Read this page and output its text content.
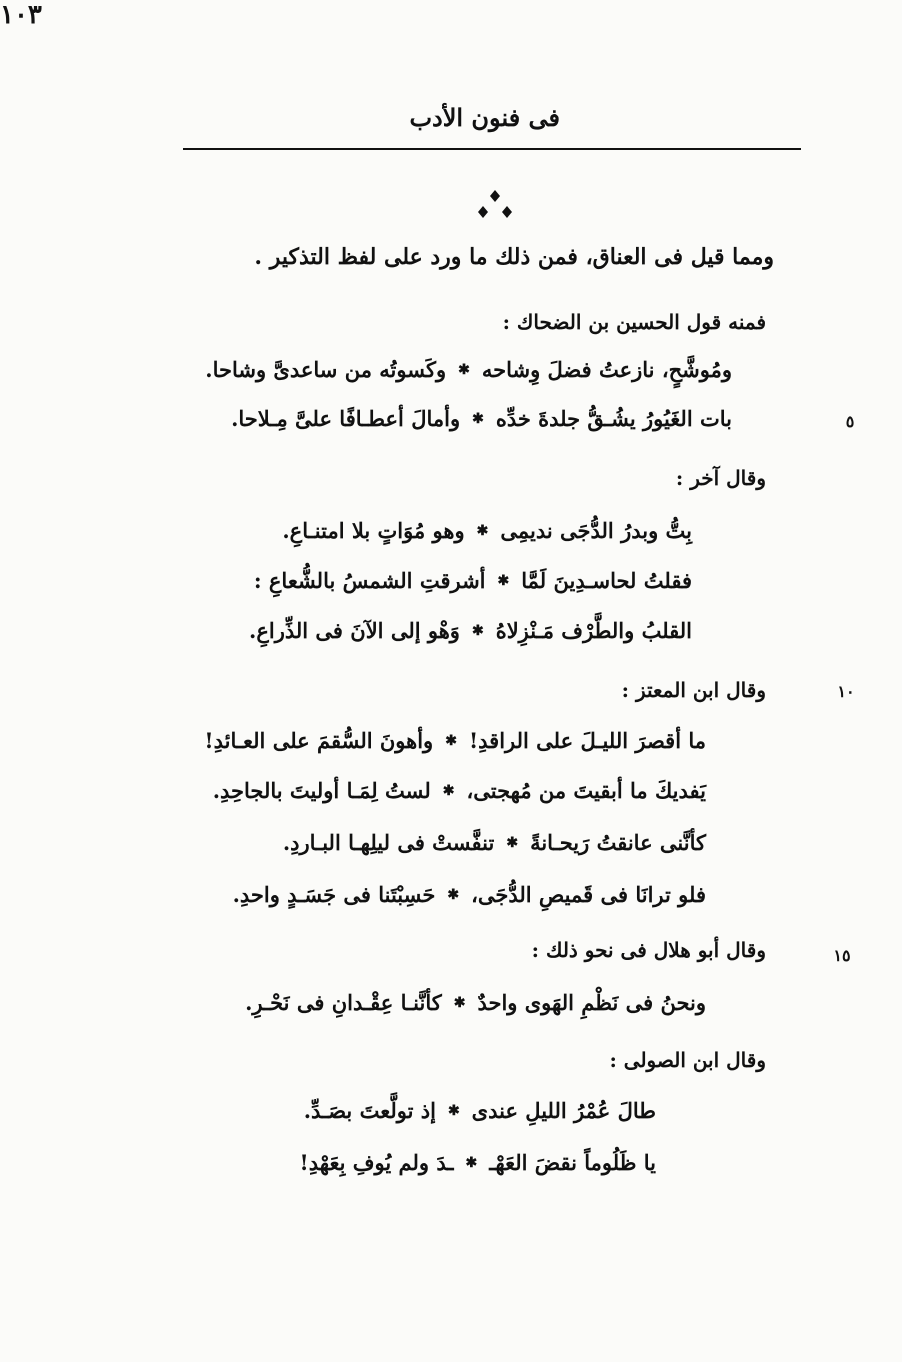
فى فنون الأدب
١٠٣
ومما قيل فى العناق، فمن ذلك ما ورد على لفظ التذكير .
فمنه قول الحسين بن الضحاك :
ومُوشَّحٍ، نازعتُ فضلَ وِشاحه
✱
وكَسوتُه من ساعدىَّ وشاحا.
بات الغَيُورُ يشُـقُّ جلدةَ خدِّه
✱
وأمالَ أعطـافًا علىَّ مِـلاحا.	٥
وقال آخر :
بِتُّ وبدرُ الدُّجَى نديمِى
✱
وهو مُوَاتٍ بلا امتنـاعِ.
فقلتُ لحاسـدِينَ لَمَّا
✱
أشرقتِ الشمسُ بالشُّعاعِ :
القلبُ والطَّرْف مَـنْزِلاهُ
✱
وَهْو إلى الآنَ فى الذِّراعِ.
وقال ابن المعتز :	١٠
ما أقصرَ الليـلَ على الراقدِ!
✱
وأهونَ السُّقمَ على العـائدِ!
يَفديكَ ما أبقيتَ من مُهجتى،
✱
لستُ لِمَـا أوليتَ بالجاحِدِ.
كأنَّنى عانقتُ رَيحـانةً
✱
تنفَّستْ فى ليلِهـا البـاردِ.
فلو ترانَا فى قَميصِ الدُّجَى،
✱
حَسِبْتَنا فى جَسَـدٍ واحدِ.
وقال أبو هلال فى نحو ذلك :	١٥
ونحنُ فى نَظْمِ الهَوى واحدٌ
✱
كأنَّنـا عِقْـدانِ فى نَحْـرِ.
وقال ابن الصولى :
طالَ عُمْرُ الليلِ عندى
✱
إذ تولَّعتَ بصَـدِّ.
يا ظَلُوماً نقضَ العَهْـ
✱
ـدَ ولم يُوفِ بِعَهْدِ!
